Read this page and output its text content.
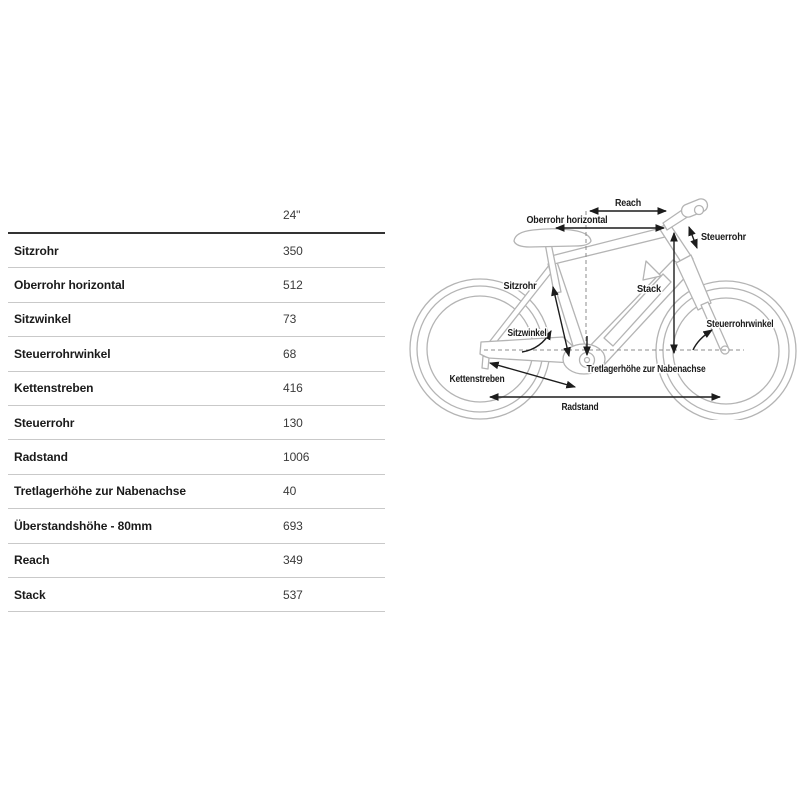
24"
Sitzrohr	350
Oberrohr horizontal	512
Sitzwinkel	73
Steuerrohrwinkel	68
Kettenstreben	416
Steuerrohr	130
Radstand	1006
Tretlagerhöhe zur Nabenachse	40
Überstandshöhe - 80mm	693
Reach	349
Stack	537
Reach
Oberrohr horizontal
Stack
Steuerrohr
Sitzrohr
Sitzwinkel
Steuerrohrwinkel
Tretlagerhöhe zur Nabenachse
Kettenstreben
Radstand
